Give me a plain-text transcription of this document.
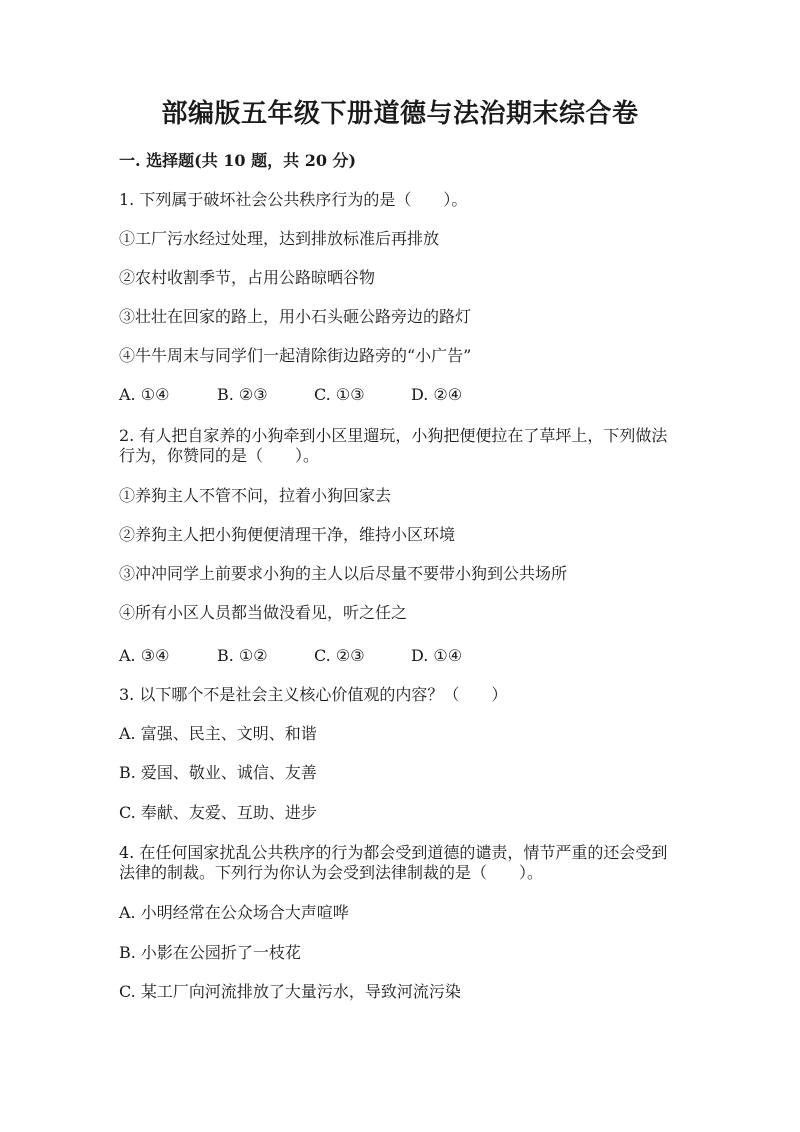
部编版五年级下册道德与法治期末综合卷
一. 选择题(共 10 题，共 20 分)

1. 下列属于破坏社会公共秩序行为的是（　　）。

①工厂污水经过处理，达到排放标准后再排放

②农村收割季节，占用公路晾晒谷物

③壮壮在回家的路上，用小石头砸公路旁边的路灯

④牛牛周末与同学们一起清除街边路旁的“小广告”

A. ①④	B. ②③	C. ①③	D. ②④

2. 有人把自家养的小狗牵到小区里遛玩，小狗把便便拉在了草坪上，下列做法

行为，你赞同的是（　　）。

①养狗主人不管不问，拉着小狗回家去

②养狗主人把小狗便便清理干净，维持小区环境

③冲冲同学上前要求小狗的主人以后尽量不要带小狗到公共场所

④所有小区人员都当做没看见，听之任之

A. ③④	B. ①②	C. ②③	D. ①④

3. 以下哪个不是社会主义核心价值观的内容？（　　）

A. 富强、民主、文明、和谐

B. 爱国、敬业、诚信、友善

C. 奉献、友爱、互助、进步

4. 在任何国家扰乱公共秩序的行为都会受到道德的谴责，情节严重的还会受到

法律的制裁。下列行为你认为会受到法律制裁的是（　　）。

A. 小明经常在公众场合大声喧哗

B. 小影在公园折了一枝花

C. 某工厂向河流排放了大量污水，导致河流污染
